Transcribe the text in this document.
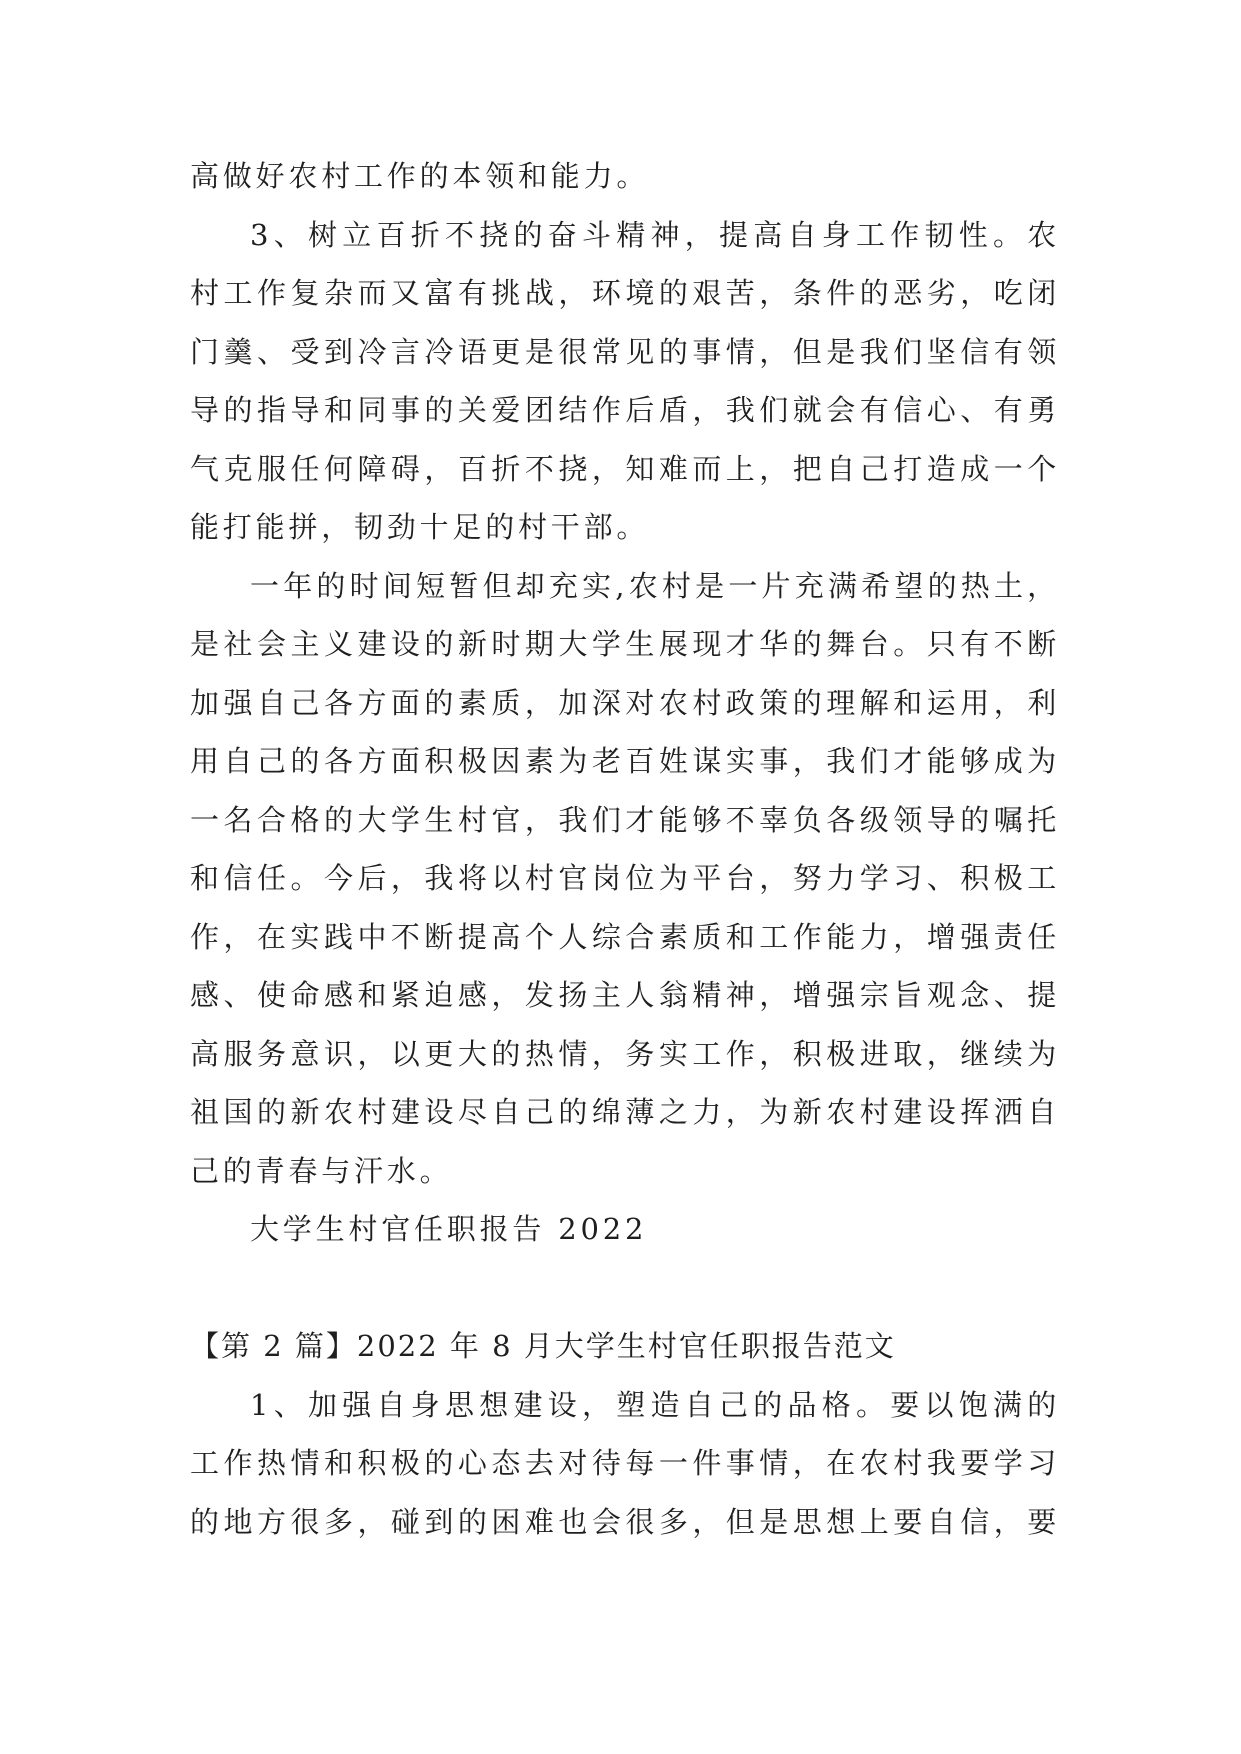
高做好农村工作的本领和能力。
3、树立百折不挠的奋斗精神，提高自身工作韧性。农
村工作复杂而又富有挑战，环境的艰苦，条件的恶劣，吃闭
门羹、受到冷言冷语更是很常见的事情，但是我们坚信有领
导的指导和同事的关爱团结作后盾，我们就会有信心、有勇
气克服任何障碍，百折不挠，知难而上，把自己打造成一个
能打能拼，韧劲十足的村干部。
一年的时间短暂但却充实,农村是一片充满希望的热土，
是社会主义建设的新时期大学生展现才华的舞台。只有不断
加强自己各方面的素质，加深对农村政策的理解和运用，利
用自己的各方面积极因素为老百姓谋实事，我们才能够成为
一名合格的大学生村官，我们才能够不辜负各级领导的嘱托
和信任。今后，我将以村官岗位为平台，努力学习、积极工
作，在实践中不断提高个人综合素质和工作能力，增强责任
感、使命感和紧迫感，发扬主人翁精神，增强宗旨观念、提
高服务意识，以更大的热情，务实工作，积极进取，继续为
祖国的新农村建设尽自己的绵薄之力，为新农村建设挥洒自
己的青春与汗水。
大学生村官任职报告 2022
【第 2 篇】2022 年 8 月大学生村官任职报告范文
1、加强自身思想建设，塑造自己的品格。要以饱满的
工作热情和积极的心态去对待每一件事情，在农村我要学习
的地方很多，碰到的困难也会很多，但是思想上要自信，要
